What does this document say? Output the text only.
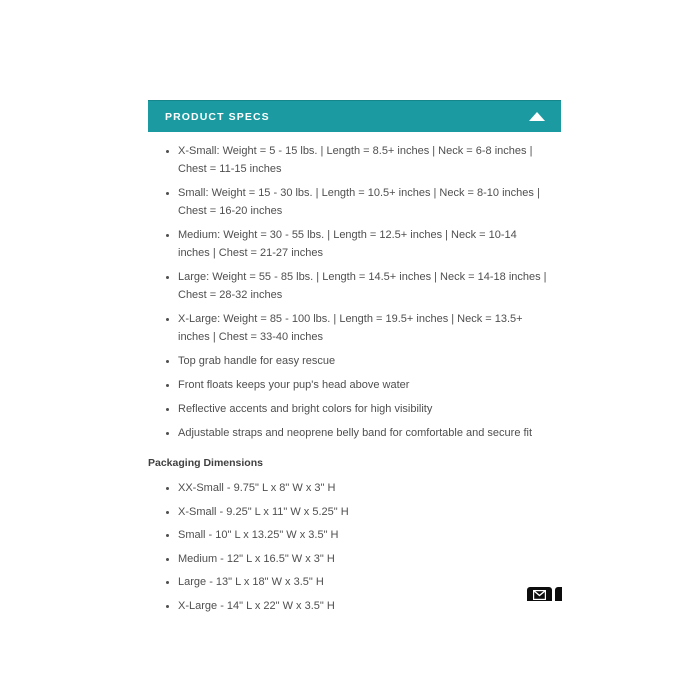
PRODUCT SPECS
• X-Small: Weight = 5 - 15 lbs. | Length = 8.5+ inches | Neck = 6-8 inches | Chest = 11-15 inches
• Small: Weight = 15 - 30 lbs. | Length = 10.5+ inches | Neck = 8-10 inches | Chest = 16-20 inches
• Medium: Weight = 30 - 55 lbs. | Length = 12.5+ inches | Neck = 10-14 inches | Chest = 21-27 inches
• Large: Weight = 55 - 85 lbs. | Length = 14.5+ inches | Neck = 14-18 inches | Chest = 28-32 inches
• X-Large: Weight = 85 - 100 lbs. | Length = 19.5+ inches | Neck = 13.5+ inches | Chest = 33-40 inches
• Top grab handle for easy rescue
• Front floats keeps your pup's head above water
• Reflective accents and bright colors for high visibility
• Adjustable straps and neoprene belly band for comfortable and secure fit
Packaging Dimensions
• XX-Small - 9.75" L x 8" W x 3" H
• X-Small - 9.25" L x 11" W x 5.25" H
• Small - 10" L x 13.25" W x 3.5" H
• Medium - 12" L x 16.5" W x 3" H
• Large - 13" L x 18" W x 3.5" H
• X-Large - 14" L x 22" W x 3.5" H
